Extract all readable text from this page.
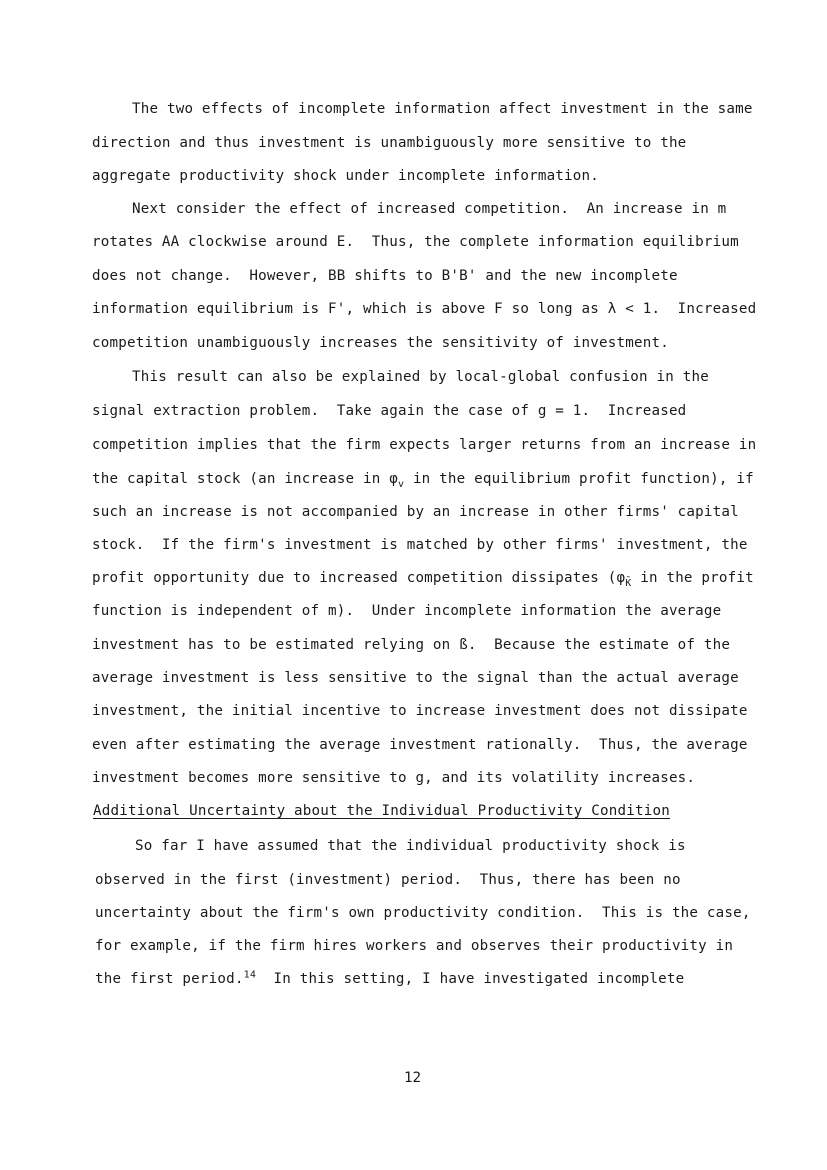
The two effects of incomplete information affect investment in the same
direction and thus investment is unambiguously more sensitive to the
aggregate productivity shock under incomplete information.
Next consider the effect of increased competition.  An increase in m
rotates AA clockwise around E.  Thus, the complete information equilibrium
does not change.  However, BB shifts to B'B' and the new incomplete
information equilibrium is F', which is above F so long as λ < 1.  Increased
competition unambiguously increases the sensitivity of investment.
This result can also be explained by local-global confusion in the
signal extraction problem.  Take again the case of g = 1.  Increased
competition implies that the firm expects larger returns from an increase in
the capital stock (an increase in $\varphi_v$ in the equilibrium profit function), if
such an increase is not accompanied by an increase in other firms' capital
stock.  If the firm's investment is matched by other firms' investment, the
profit opportunity due to increased competition dissipates ($\varphi_{K̄}$ in the profit
function is independent of m).  Under incomplete information the average
investment has to be estimated relying on ß.  Because the estimate of the
average investment is less sensitive to the signal than the actual average
investment, the initial incentive to increase investment does not dissipate
even after estimating the average investment rationally.  Thus, the average
investment becomes more sensitive to g, and its volatility increases.
Additional Uncertainty about the Individual Productivity Condition
So far I have assumed that the individual productivity shock is
observed in the first (investment) period.  Thus, there has been no
uncertainty about the firm's own productivity condition.  This is the case,
for example, if the firm hires workers and observes their productivity in
the first period.$^{14}$  In this setting, I have investigated incomplete
12
